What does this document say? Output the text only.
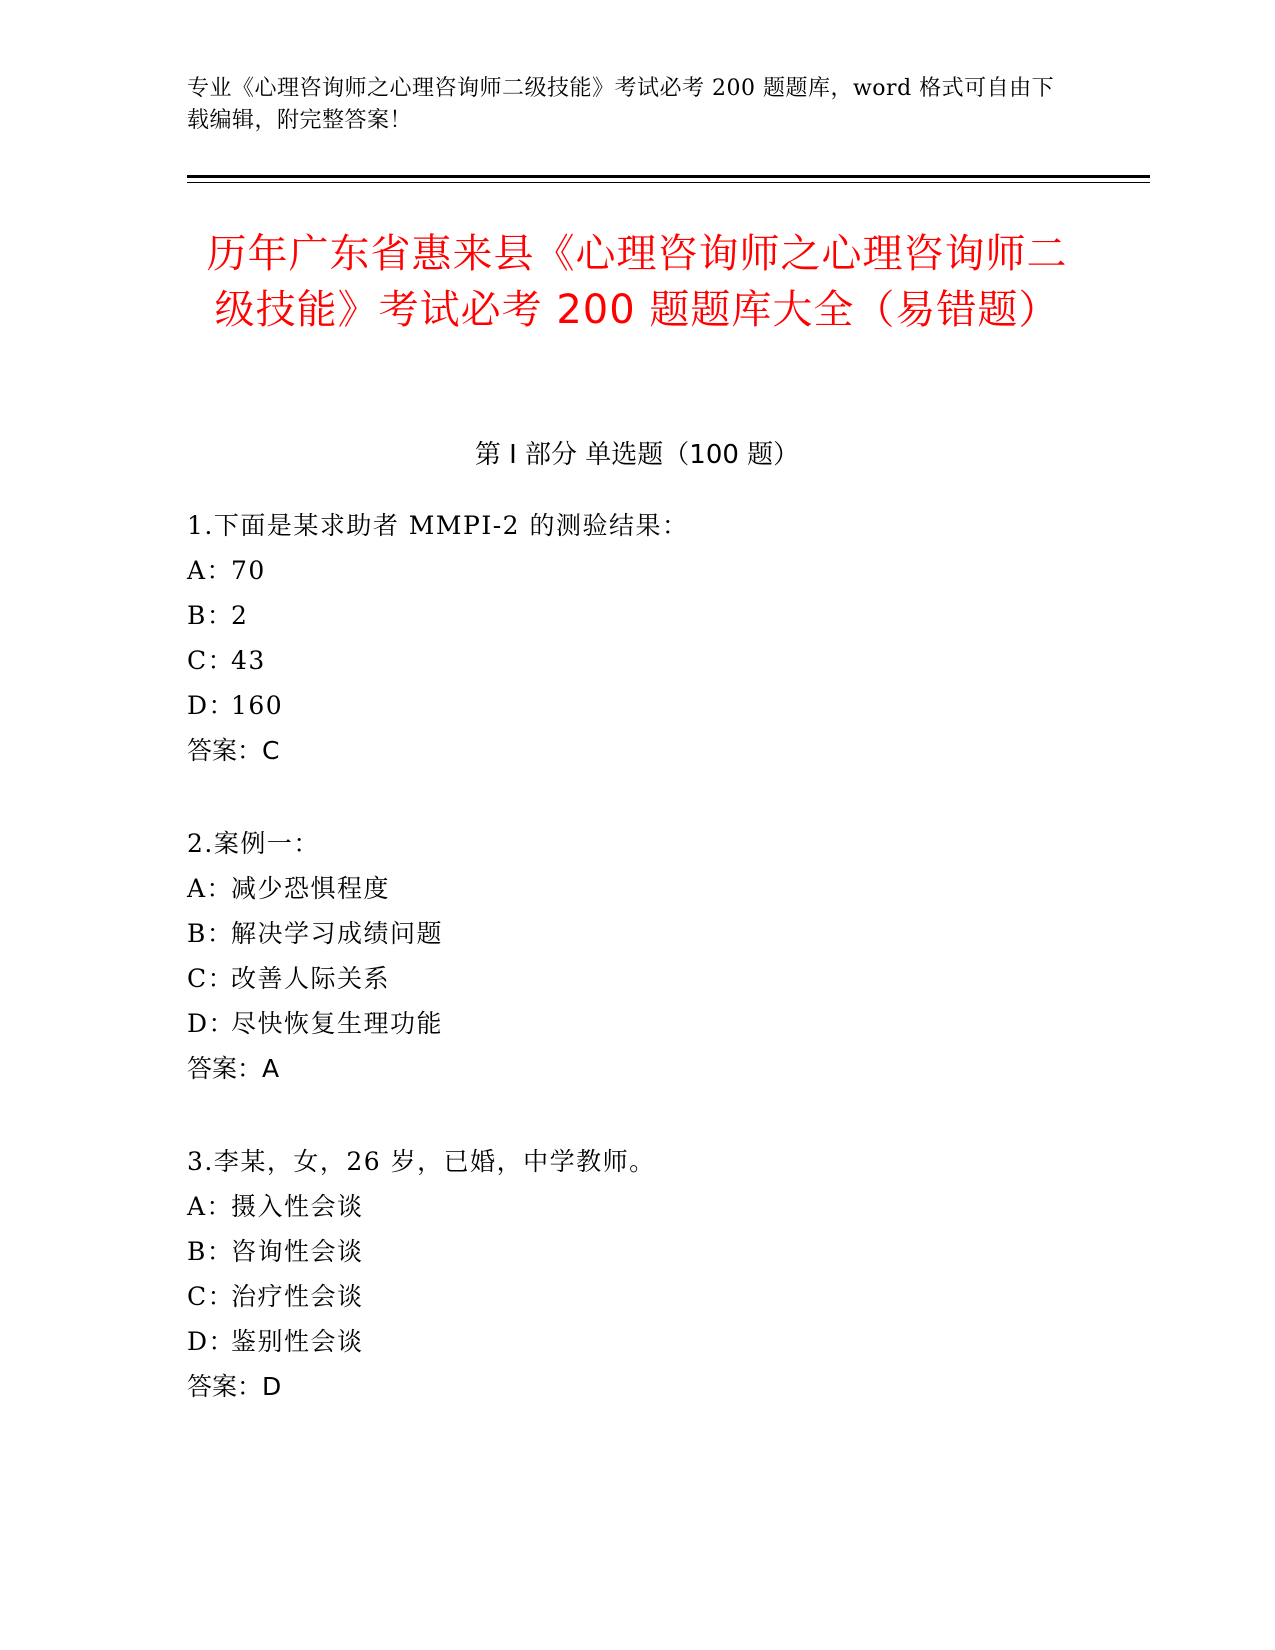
专业《心理咨询师之心理咨询师二级技能》考试必考 200 题题库，word 格式可自由下载编辑，附完整答案！
历年广东省惠来县《心理咨询师之心理咨询师二级技能》考试必考 200 题题库大全（易错题）
第 I 部分 单选题（100 题）
1.下面是某求助者 MMPI-2 的测验结果：
A：70
B：2
C：43
D：160
答案：C
2.案例一：
A：减少恐惧程度
B：解决学习成绩问题
C：改善人际关系
D：尽快恢复生理功能
答案：A
3.李某，女，26 岁，已婚，中学教师。
A：摄入性会谈
B：咨询性会谈
C：治疗性会谈
D：鉴别性会谈
答案：D
